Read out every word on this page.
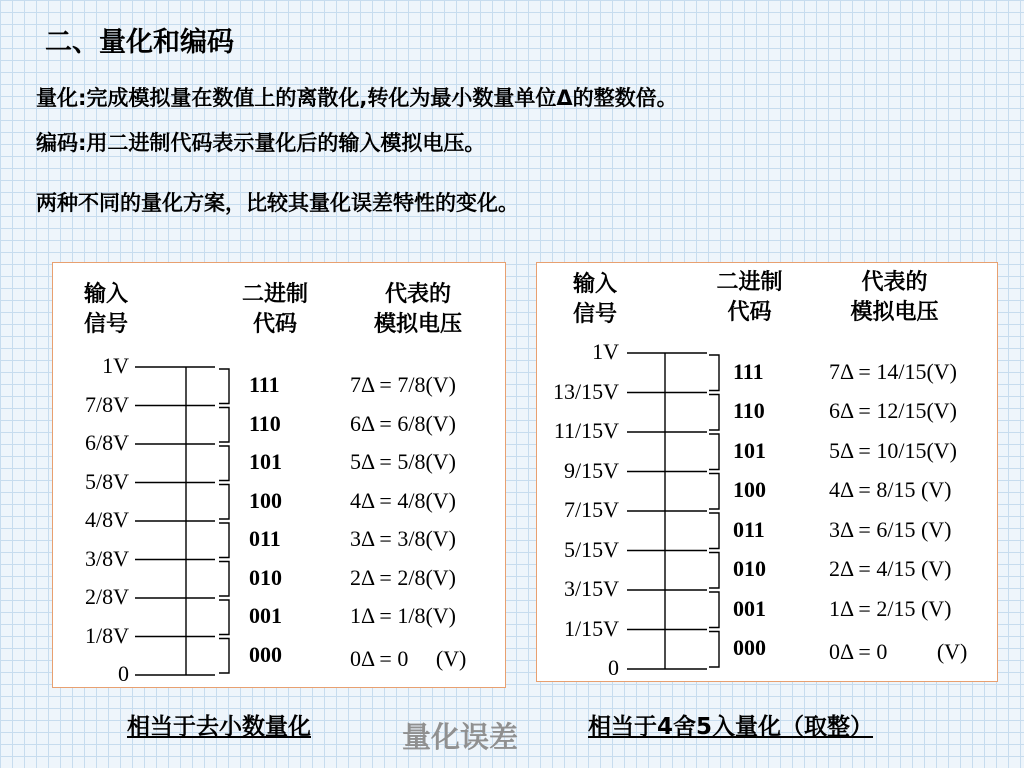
二、量化和编码
量化:完成模拟量在数值上的离散化,转化为最小数量单位Δ的整数倍。
编码:用二进制代码表示量化后的输入模拟电压。
两种不同的量化方案，比较其量化误差特性的变化。
输入
信号
二进制
代码
代表的
模拟电压
1V
7/8V
6/8V
5/8V
4/8V
3/8V
2/8V
1/8V
0
111	7Δ = 7/8(V)
110	6Δ = 6/8(V)
101	5Δ = 5/8(V)
100	4Δ = 4/8(V)
011	3Δ = 3/8(V)
010	2Δ = 2/8(V)
001	1Δ = 1/8(V)
000	0Δ = 0 　(V)
输入
信号
二进制
代码
代表的
模拟电压
1V
13/15V
11/15V
9/15V
7/15V
5/15V
3/15V
1/15V
0
111	7Δ = 14/15(V)
110	6Δ = 12/15(V)
101	5Δ = 10/15(V)
100	4Δ = 8/15 (V)
011	3Δ = 6/15 (V)
010	2Δ = 4/15 (V)
001	1Δ = 2/15 (V)
000	0Δ = 0 　　(V)
相当于去小数量化	量化误差	相当于4舍5入量化（取整）
